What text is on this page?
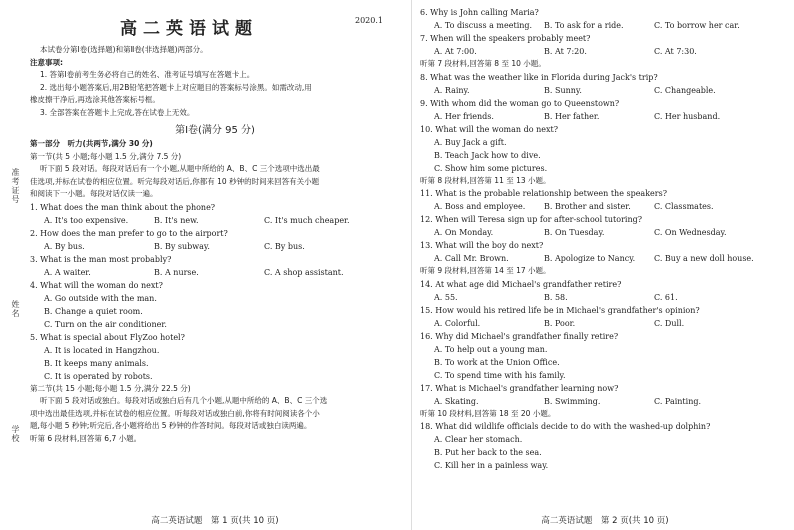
准考证号
姓名
学校
高二英语试题	2020.1
本试卷分第Ⅰ卷(选择题)和第Ⅱ卷(非选择题)两部分。
注意事项:
1. 答第Ⅰ卷前考生务必将自己的姓名、准考证号填写在答题卡上。
2. 选出每小题答案后,用2B铅笔把答题卡上对应题目的答案标号涂黑。如需改动,用
橡皮擦干净后,再选涂其他答案标号框。
3. 全部答案在答题卡上完成,答在试卷上无效。
第Ⅰ卷(满分 95 分)
第一部分　听力(共两节,满分 30 分)
第一节(共 5 小题;每小题 1.5 分,满分 7.5 分)
听下面 5 段对话。每段对话后有一个小题,从题中所给的 A、B、C 三个选项中选出最
佳选项,并标在试卷的相应位置。听完每段对话后,你都有 10 秒钟的时间来回答有关小题
和阅读下一小题。每段对话仅读一遍。
1. What does the man think about the phone?
A. It's too expensive.	B. It's new.	C. It's much cheaper.
2. How does the man prefer to go to the airport?
A. By bus.	B. By subway.	C. By bus.
3. What is the man most probably?
A. A waiter.	B. A nurse.	C. A shop assistant.
4. What will the woman do next?
A. Go outside with the man.
B. Change a quiet room.
C. Turn on the air conditioner.
5. What is special about FlyZoo hotel?
A. It is located in Hangzhou.
B. It keeps many animals.
C. It is operated by robots.
第二节(共 15 小题;每小题 1.5 分,满分 22.5 分)
听下面 5 段对话或独白。每段对话或独白后有几个小题,从题中所给的 A、B、C 三个选
项中选出最佳选项,并标在试卷的相应位置。听每段对话或独白前,你将有时间阅读各个小
题,每小题 5 秒钟;听完后,各小题将给出 5 秒钟的作答时间。每段对话或独白读两遍。
听第 6 段材料,回答第 6,7 小题。
高二英语试题　第 1 页(共 10 页)
6. Why is John calling Maria?
A. To discuss a meeting.	B. To ask for a ride.	C. To borrow her car.
7. When will the speakers probably meet?
A. At 7:00.	B. At 7:20.	C. At 7:30.
听第 7 段材料,回答第 8 至 10 小题。
8. What was the weather like in Florida during Jack's trip?
A. Rainy.	B. Sunny.	C. Changeable.
9. With whom did the woman go to Queenstown?
A. Her friends.	B. Her father.	C. Her husband.
10. What will the woman do next?
A. Buy Jack a gift.
B. Teach Jack how to dive.
C. Show him some pictures.
听第 8 段材料,回答第 11 至 13 小题。
11. What is the probable relationship between the speakers?
A. Boss and employee.	B. Brother and sister.	C. Classmates.
12. When will Teresa sign up for after-school tutoring?
A. On Monday.	B. On Tuesday.	C. On Wednesday.
13. What will the boy do next?
A. Call Mr. Brown.	B. Apologize to Nancy.	C. Buy a new doll house.
听第 9 段材料,回答第 14 至 17 小题。
14. At what age did Michael's grandfather retire?
A. 55.	B. 58.	C. 61.
15. How would his retired life be in Michael's grandfather's opinion?
A. Colorful.	B. Poor.	C. Dull.
16. Why did Michael's grandfather finally retire?
A. To help out a young man.
B. To work at the Union Office.
C. To spend time with his family.
17. What is Michael's grandfather learning now?
A. Skating.	B. Swimming.	C. Painting.
听第 10 段材料,回答第 18 至 20 小题。
18. What did wildlife officials decide to do with the washed-up dolphin?
A. Clear her stomach.
B. Put her back to the sea.
C. Kill her in a painless way.
高二英语试题　第 2 页(共 10 页)
